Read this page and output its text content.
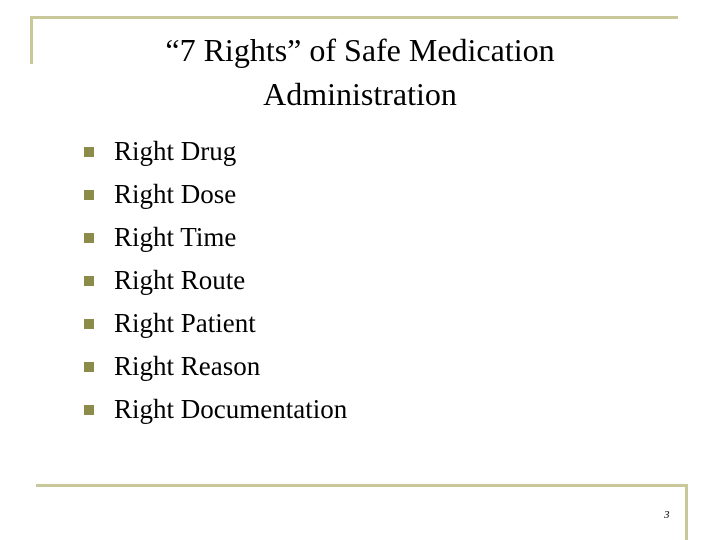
“7 Rights” of Safe Medication
Administration
Right Drug
Right Dose
Right Time
Right Route
Right Patient
Right Reason
Right Documentation
3
